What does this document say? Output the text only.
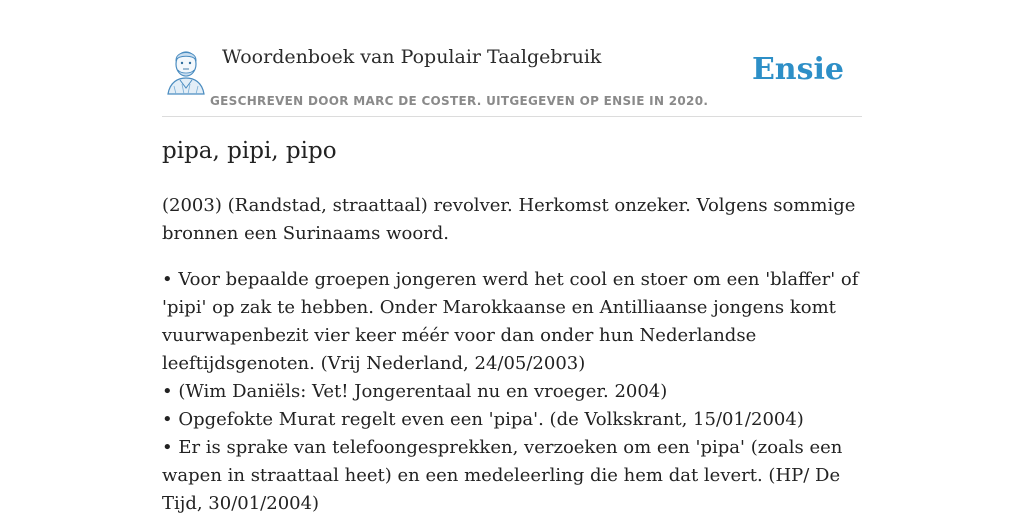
Woordenboek van Populair Taalgebruik
GESCHREVEN DOOR MARC DE COSTER. UITGEGEVEN OP ENSIE IN 2020.
Ensie
pipa, pipi, pipo

(2003) (Randstad, straattaal) revolver. Herkomst onzeker. Volgens sommige bronnen een Surinaams woord.

• Voor bepaalde groepen jongeren werd het cool en stoer om een 'blaffer' of 'pipi' op zak te hebben. Onder Marokkaanse en Antilliaanse jongens komt vuurwapenbezit vier keer méér voor dan onder hun Nederlandse leeftijdsgenoten. (Vrij Nederland, 24/05/2003)
• (Wim Daniëls: Vet! Jongerentaal nu en vroeger. 2004)
• Opgefokte Murat regelt even een 'pipa'. (de Volkskrant, 15/01/2004)
• Er is sprake van telefoongesprekken, verzoeken om een 'pipa' (zoals een wapen in straattaal heet) en een medeleerling die hem dat levert. (HP/ De Tijd, 30/01/2004)
